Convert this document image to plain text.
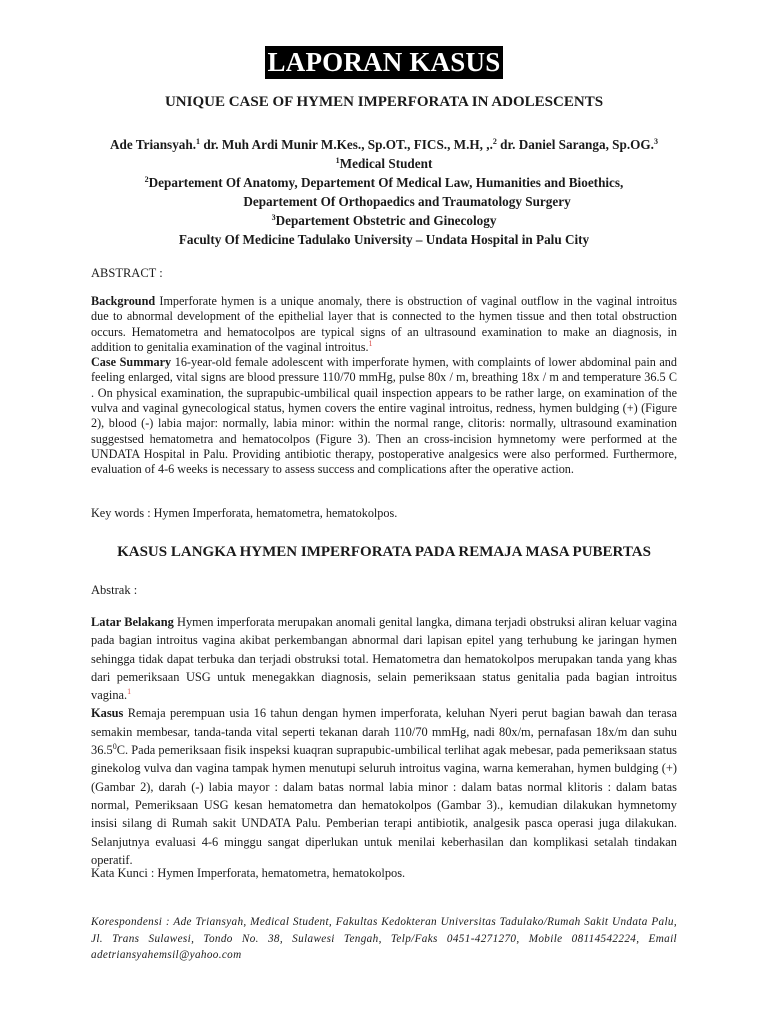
LAPORAN KASUS
UNIQUE CASE OF HYMEN IMPERFORATA IN ADOLESCENTS
Ade Triansyah.$^1$ dr. Muh Ardi Munir M.Kes., Sp.OT., FICS., M.H, ,.$^2$ dr. Daniel Saranga, Sp.OG.$^3$
$^1$Medical Student
$^2$Departement Of Anatomy, Departement Of Medical Law, Humanities and Bioethics,
Departement Of Orthopaedics and Traumatology Surgery
$^3$Departement Obstetric and Ginecology
Faculty Of Medicine Tadulako University – Undata Hospital in Palu City
ABSTRACT :

Background Imperforate hymen is a unique anomaly, there is obstruction of vaginal outflow in the vaginal introitus due to abnormal development of the epithelial layer that is connected to the hymen tissue and then total obstruction occurs. Hematometra and hematocolpos are typical signs of an ultrasound examination to make an diagnosis, in addition to genitalia examination of the vaginal introitus.$^1$

Case Summary 16-year-old female adolescent with imperforate hymen, with complaints of lower abdominal pain and feeling enlarged, vital signs are blood pressure 110/70 mmHg, pulse 80x / m, breathing 18x / m and temperature 36.5 C . On physical examination, the suprapubic-umbilical quail inspection appears to be rather large, on examination of the vulva and vaginal gynecological status, hymen covers the entire vaginal introitus, redness, hymen buldging (+) (Figure 2), blood (-) labia major: normally, labia minor: within the normal range, clitoris: normally, ultrasound examination suggestsed hematometra and hematocolpos (Figure 3). Then an cross-incision hymnetomy were performed at the UNDATA Hospital in Palu. Providing antibiotic therapy, postoperative analgesics were also performed. Furthermore, evaluation of 4-6 weeks is necessary to assess success and complications after the operative action.

Key words : Hymen Imperforata, hematometra, hematokolpos.
KASUS LANGKA HYMEN IMPERFORATA PADA REMAJA MASA PUBERTAS
Abstrak :

Latar Belakang Hymen imperforata merupakan anomali genital langka, dimana terjadi obstruksi aliran keluar vagina pada bagian introitus vagina akibat perkembangan abnormal dari lapisan epitel yang terhubung ke jaringan hymen sehingga tidak dapat terbuka dan terjadi obstruksi total. Hematometra dan hematokolpos merupakan tanda yang khas dari pemeriksaan USG untuk menegakkan diagnosis, selain pemeriksaan status genitalia pada bagian introitus vagina.$^1$

Kasus Remaja perempuan usia 16 tahun dengan hymen imperforata, keluhan Nyeri perut bagian bawah dan terasa semakin membesar, tanda-tanda vital seperti tekanan darah 110/70 mmHg, nadi 80x/m, pernafasan 18x/m dan suhu 36.5$^0$C. Pada pemeriksaan fisik inspeksi kuaqran suprapubic-umbilical terlihat agak mebesar, pada pemeriksaan status ginekolog vulva dan vagina tampak hymen menutupi seluruh introitus vagina, warna kemerahan, hymen buldging (+) (Gambar 2), darah (-) labia mayor : dalam batas normal labia minor : dalam batas normal klitoris : dalam batas normal, Pemeriksaan USG kesan hematometra dan hematokolpos (Gambar 3)., kemudian dilakukan hymnetomy insisi silang di Rumah sakit UNDATA Palu. Pemberian terapi antibiotik, analgesik pasca operasi juga dilakukan. Selanjutnya evaluasi 4-6 minggu sangat diperlukan untuk menilai keberhasilan dan komplikasi setalah tindakan operatif.

Kata Kunci : Hymen Imperforata, hematometra, hematokolpos.
Korespondensi : Ade Triansyah, Medical Student, Fakultas Kedokteran Universitas Tadulako/Rumah Sakit Undata Palu, Jl. Trans Sulawesi, Tondo No. 38, Sulawesi Tengah, Telp/Faks 0451-4271270, Mobile 08114542224, Email adetriansyahemsil@yahoo.com
